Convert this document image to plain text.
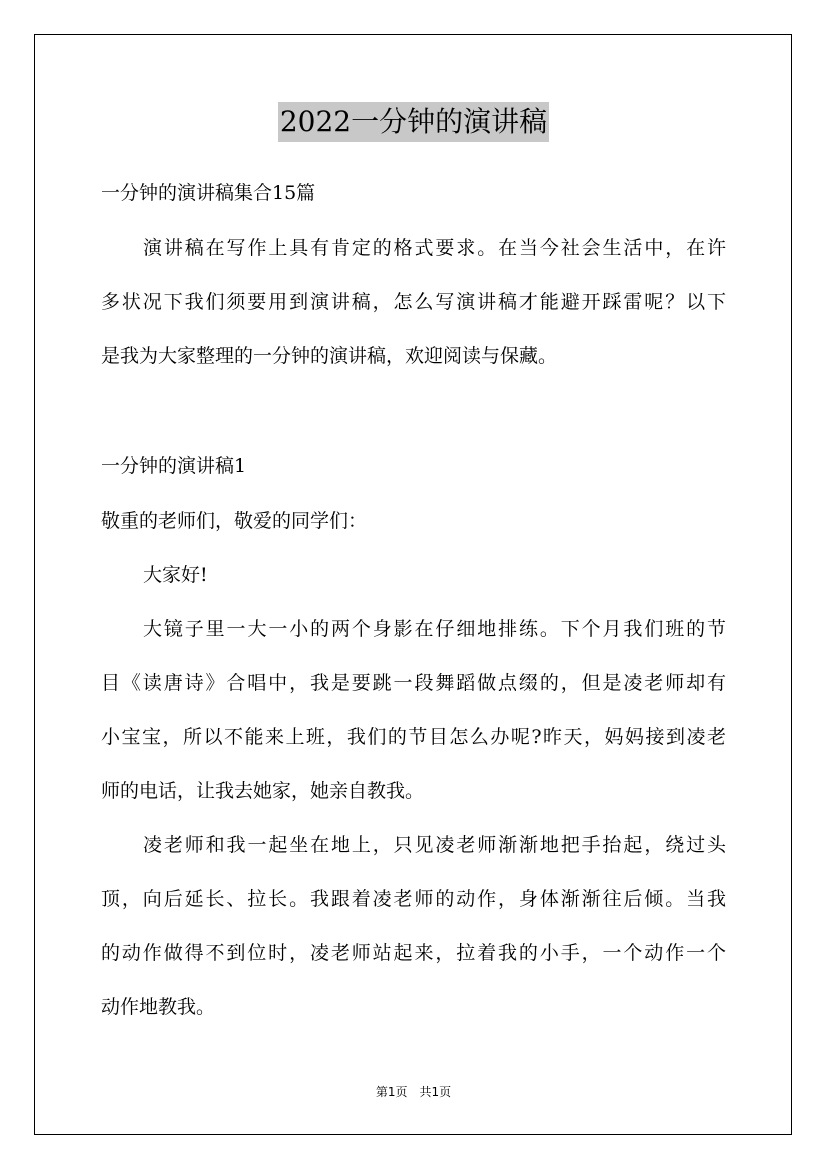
2022一分钟的演讲稿
一分钟的演讲稿集合15篇
演讲稿在写作上具有肯定的格式要求。在当今社会生活中，在许
多状况下我们须要用到演讲稿，怎么写演讲稿才能避开踩雷呢？以下
是我为大家整理的一分钟的演讲稿，欢迎阅读与保藏。
一分钟的演讲稿1
敬重的老师们，敬爱的同学们：
大家好!
大镜子里一大一小的两个身影在仔细地排练。下个月我们班的节
目《读唐诗》合唱中，我是要跳一段舞蹈做点缀的，但是凌老师却有
小宝宝，所以不能来上班，我们的节目怎么办呢?昨天，妈妈接到凌老
师的电话，让我去她家，她亲自教我。
凌老师和我一起坐在地上，只见凌老师渐渐地把手抬起，绕过头
顶，向后延长、拉长。我跟着凌老师的动作，身体渐渐往后倾。当我
的动作做得不到位时，凌老师站起来，拉着我的小手，一个动作一个
动作地教我。
第1页　共1页
